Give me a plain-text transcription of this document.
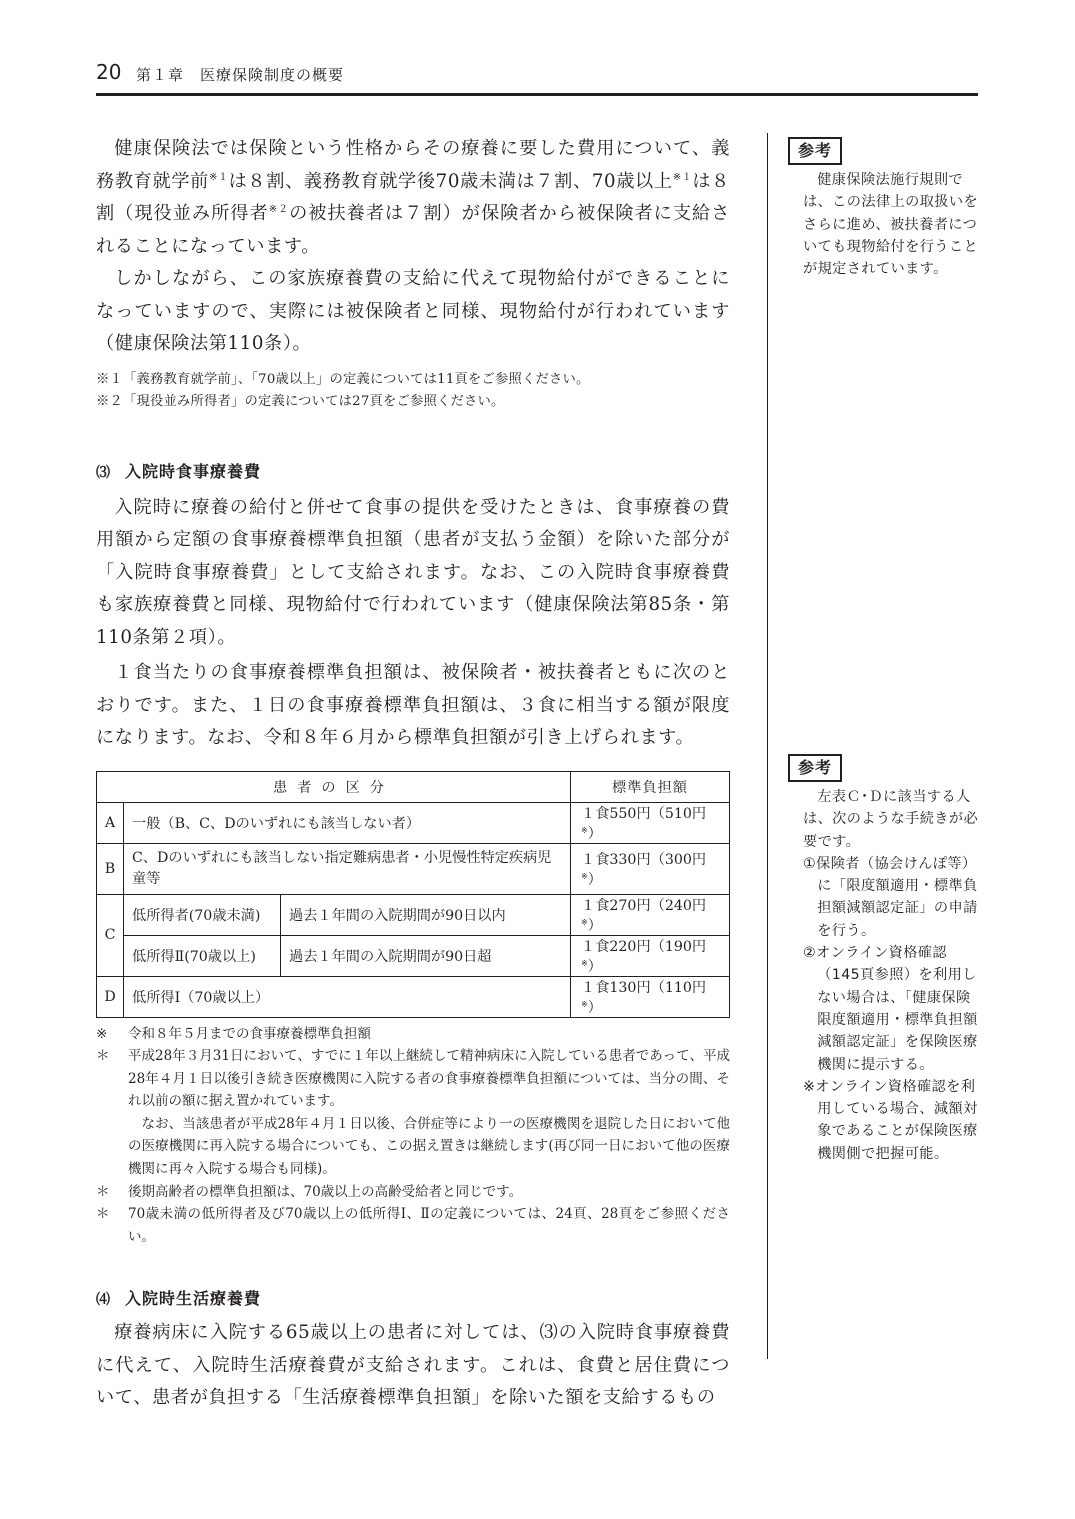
20 第１章　医療保険制度の概要

健康保険法では保険という性格からその療養に要した費用について、義務教育就学前$^{※1}$は８割、義務教育就学後70歳未満は７割、70歳以上$^{※1}$は８割（現役並み所得者$^{※2}$の被扶養者は７割）が保険者から被保険者に支給されることになっています。

しかしながら、この家族療養費の支給に代えて現物給付ができることになっていますので、実際には被保険者と同様、現物給付が行われています（健康保険法第110条）。

※１「義務教育就学前」、「70歳以上」の定義については11頁をご参照ください。

※２「現役並み所得者」の定義については27頁をご参照ください。

⑶ 入院時食事療養費

入院時に療養の給付と併せて食事の提供を受けたときは、食事療養の費用額から定額の食事療養標準負担額（患者が支払う金額）を除いた部分が「入院時食事療養費」として支給されます。なお、この入院時食事療養費も家族療養費と同様、現物給付で行われています（健康保険法第85条・第110条第２項）。

１食当たりの食事療養標準負担額は、被保険者・被扶養者ともに次のとおりです。また、１日の食事療養標準負担額は、３食に相当する額が限度になります。なお、令和８年６月から標準負担額が引き上げられます。

患者の区分			標準負担額
A	一般（B、C、Dのいずれにも該当しない者）		１食550円（510円※）
B	C、Dのいずれにも該当しない指定難病患者・小児慢性特定疾病児童等		１食330円（300円※）
C	低所得者(70歳未満)	過去１年間の入院期間が90日以内	１食270円（240円※）
	低所得Ⅱ(70歳以上)	過去１年間の入院期間が90日超	１食220円（190円※）
D	低所得Ⅰ（70歳以上）		１食130円（110円※）

※ 令和８年５月までの食事療養標準負担額

＊ 平成28年３月31日において、すでに１年以上継続して精神病床に入院している患者であって、平成28年４月１日以後引き続き医療機関に入院する者の食事療養標準負担額については、当分の間、それ以前の額に据え置かれています。

なお、当該患者が平成28年４月１日以後、合併症等により一の医療機関を退院した日において他の医療機関に再入院する場合についても、この据え置きは継続します(再び同一日において他の医療機関に再々入院する場合も同様)。

＊ 後期高齢者の標準負担額は、70歳以上の高齢受給者と同じです。

＊ 70歳未満の低所得者及び70歳以上の低所得Ⅰ、Ⅱの定義については、24頁、28頁をご参照ください。

⑷ 入院時生活療養費

療養病床に入院する65歳以上の患者に対しては、⑶の入院時食事療養費に代えて、入院時生活療養費が支給されます。これは、食費と居住費について、患者が負担する「生活療養標準負担額」を除いた額を支給するもの

参考

健康保険法施行規則では、この法律上の取扱いをさらに進め、被扶養者についても現物給付を行うことが規定されています。

参考

左表Ｃ･Ｄに該当する人は、次のような手続きが必要です。

①保険者（協会けんぽ等）に「限度額適用・標準負担額減額認定証」の申請を行う。

②オンライン資格確認（145頁参照）を利用しない場合は、「健康保険限度額適用・標準負担額減額認定証」を保険医療機関に提示する。

※オンライン資格確認を利用している場合、減額対象であることが保険医療機関側で把握可能。
